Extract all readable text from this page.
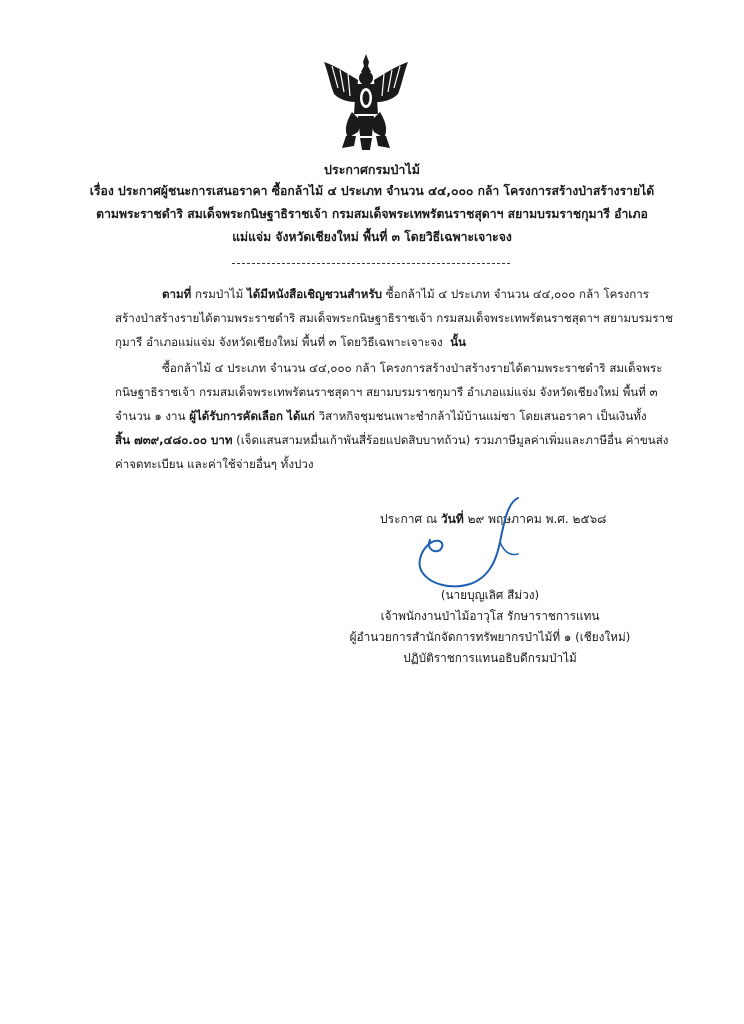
ประกาศกรมป่าไม้
เรื่อง ประกาศผู้ชนะการเสนอราคา ซื้อกล้าไม้ ๔ ประเภท จำนวน ๔๔,๐๐๐ กล้า โครงการสร้างป่าสร้างรายได้
ตามพระราชดำริ สมเด็จพระกนิษฐาธิราชเจ้า กรมสมเด็จพระเทพรัตนราชสุดาฯ สยามบรมราชกุมารี อำเภอ
แม่แจ่ม จังหวัดเชียงใหม่ พื้นที่ ๓ โดยวิธีเฉพาะเจาะจง
ตามที่ กรมป่าไม้ ได้มีหนังสือเชิญชวนสำหรับ ซื้อกล้าไม้ ๔ ประเภท จำนวน ๔๔,๐๐๐ กล้า โครงการ
สร้างป่าสร้างรายได้ตามพระราชดำริ สมเด็จพระกนิษฐาธิราชเจ้า กรมสมเด็จพระเทพรัตนราชสุดาฯ สยามบรมราช
กุมารี อำเภอแม่แจ่ม จังหวัดเชียงใหม่ พื้นที่ ๓ โดยวิธีเฉพาะเจาะจง นั้น
ซื้อกล้าไม้ ๔ ประเภท จำนวน ๔๔,๐๐๐ กล้า โครงการสร้างป่าสร้างรายได้ตามพระราชดำริ สมเด็จพระ
กนิษฐาธิราชเจ้า กรมสมเด็จพระเทพรัตนราชสุดาฯ สยามบรมราชกุมารี อำเภอแม่แจ่ม จังหวัดเชียงใหม่ พื้นที่ ๓
จำนวน ๑ งาน ผู้ได้รับการคัดเลือก ได้แก่ วิสาหกิจชุมชนเพาะชำกล้าไม้บ้านแม่ซา โดยเสนอราคา เป็นเงินทั้ง
สิ้น ๗๓๙,๔๘๐.๐๐ บาท (เจ็ดแสนสามหมื่นเก้าพันสี่ร้อยแปดสิบบาทถ้วน) รวมภาษีมูลค่าเพิ่มและภาษีอื่น ค่าขนส่ง
ค่าจดทะเบียน และค่าใช้จ่ายอื่นๆ ทั้งปวง
ประกาศ ณ วันที่ ๒๙ พฤษภาคม พ.ศ. ๒๕๖๘
(นายบุญเลิศ สีม่วง)
เจ้าพนักงานป่าไม้อาวุโส รักษาราชการแทน
ผู้อำนวยการสำนักจัดการทรัพยากรป่าไม้ที่ ๑ (เชียงใหม่)
ปฏิบัติราชการแทนอธิบดีกรมป่าไม้
